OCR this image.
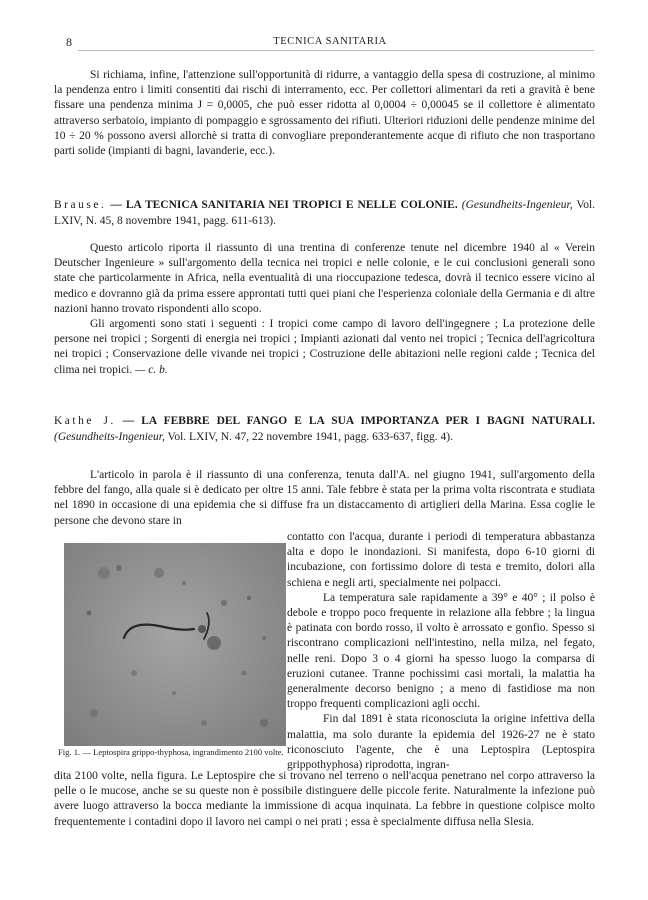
8	TECNICA SANITARIA

Si richiama, infine, l'attenzione sull'opportunità di ridurre, a vantaggio della spesa di costruzione, al minimo la pendenza entro i limiti consentiti dai rischi di interramento, ecc. Per collettori alimentari da reti a gravità è bene fissare una pendenza minima J = 0,0005, che può esser ridotta al 0,0004 ÷ 0,00045 se il collettore è alimentato attraverso serbatoio, impianto di pompaggio e sgrossamento dei rifiuti. Ulteriori riduzioni delle pendenze minime del 10 ÷ 20 % possono aversi allorchè si tratta di convogliare preponderantemente acque di rifiuto che non trasportano parti solide (impianti di bagni, lavanderie, ecc.).

Brause. — LA TECNICA SANITARIA NEI TROPICI E NELLE COLONIE. (Gesundheits-Ingenieur, Vol. LXIV, N. 45, 8 novembre 1941, pagg. 611-613).

Questo articolo riporta il riassunto di una trentina di conferenze tenute nel dicembre 1940 al « Verein Deutscher Ingenieure » sull'argomento della tecnica nei tropici e nelle colonie, e le cui conclusioni generali sono state che particolarmente in Africa, nella eventualità di una rioccupazione tedesca, dovrà il tecnico essere vicino al medico e dovranno già da prima essere approntati tutti quei piani che l'esperienza coloniale della Germania e di altre nazioni hanno trovato rispondenti allo scopo.

Gli argomenti sono stati i seguenti : I tropici come campo di lavoro dell'ingegnere ; La protezione delle persone nei tropici ; Sorgenti di energia nei tropici ; Impianti azionati dal vento nei tropici ; Tecnica dell'agricoltura nei tropici ; Conservazione delle vivande nei tropici ; Costruzione delle abitazioni nelle regioni calde ; Tecnica del clima nei tropici. — c. b.

Kathe J. — LA FEBBRE DEL FANGO E LA SUA IMPORTANZA PER I BAGNI NATURALI. (Gesundheits-Ingenieur, Vol. LXIV, N. 47, 22 novembre 1941, pagg. 633-637, figg. 4).

L'articolo in parola è il riassunto di una conferenza, tenuta dall'A. nel giugno 1941, sull'argomento della febbre del fango, alla quale si è dedicato per oltre 15 anni. Tale febbre è stata per la prima volta riscontrata e studiata nel 1890 in occasione di una epidemia che si diffuse fra un distaccamento di artiglieri della Marina. Essa coglie le persone che devono stare in

Fig. 1. — Leptospira grippo-thyphosa, ingrandimento 2100 volte.

contatto con l'acqua, durante i periodi di temperatura abbastanza alta e dopo le inondazioni. Si manifesta, dopo 6-10 giorni di incubazione, con fortissimo dolore di testa e tremito, dolori alla schiena e negli arti, specialmente nei polpacci.

La temperatura sale rapidamente a 39° e 40° ; il polso è debole e troppo poco frequente in relazione alla febbre ; la lingua è patinata con bordo rosso, il volto è arrossato e gonfio. Spesso si riscontrano complicazioni nell'intestino, nella milza, nel fegato, nelle reni. Dopo 3 o 4 giorni ha spesso luogo la comparsa di eruzioni cutanee. Tranne pochissimi casi mortali, la malattia ha generalmente decorso benigno ; a meno di fastidiose ma non troppo frequenti complicazioni agli occhi.

Fin dal 1891 è stata riconosciuta la origine infettiva della malattia, ma solo durante la epidemia del 1926-27 ne è stato riconosciuto l'agente, che è una Leptospira (Leptospira grippothyphosa) riprodotta, ingran-

dita 2100 volte, nella figura. Le Leptospire che si trovano nel terreno o nell'acqua penetrano nel corpo attraverso la pelle o le mucose, anche se su queste non è possibile distinguere delle piccole ferite. Naturalmente la infezione può avere luogo attraverso la bocca mediante la immissione di acqua inquinata. La febbre in questione colpisce molto frequentemente i contadini dopo il lavoro nei campi o nei prati ; essa è specialmente diffusa nella Slesia.
